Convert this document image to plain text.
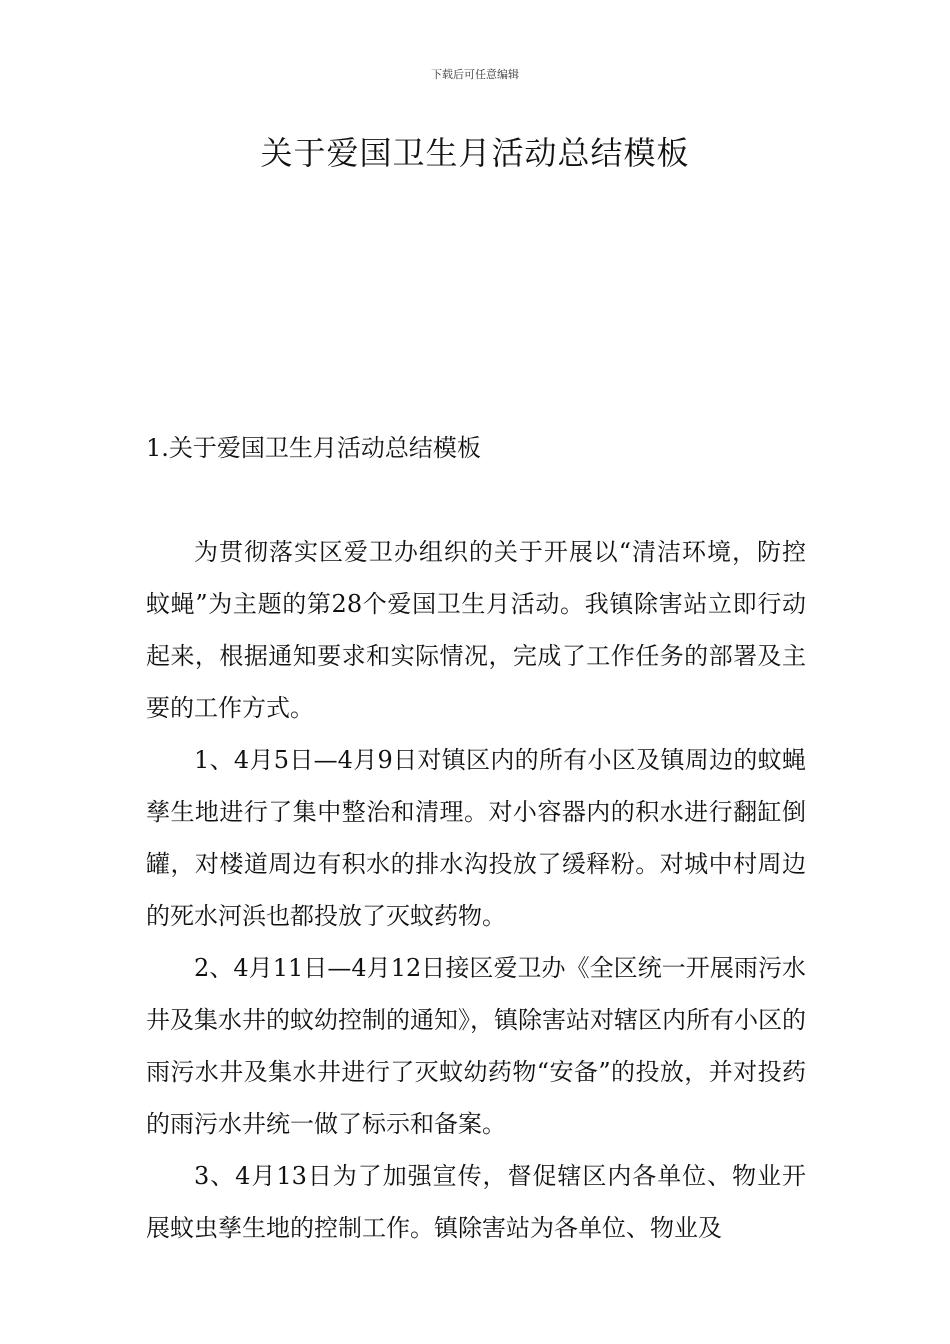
下载后可任意编辑
关于爱国卫生月活动总结模板
1.关于爱国卫生月活动总结模板

为贯彻落实区爱卫办组织的关于开展以“清洁环境，防控蚊蝇”为主题的第28个爱国卫生月活动。我镇除害站立即行动起来，根据通知要求和实际情况，完成了工作任务的部署及主要的工作方式。

1、4月5日—4月9日对镇区内的所有小区及镇周边的蚊蝇孳生地进行了集中整治和清理。对小容器内的积水进行翻缸倒罐，对楼道周边有积水的排水沟投放了缓释粉。对城中村周边的死水河浜也都投放了灭蚊药物。

2、4月11日—4月12日接区爱卫办《全区统一开展雨污水井及集水井的蚊幼控制的通知》，镇除害站对辖区内所有小区的雨污水井及集水井进行了灭蚊幼药物“安备”的投放，并对投药的雨污水井统一做了标示和备案。

3、4月13日为了加强宣传，督促辖区内各单位、物业开展蚊虫孳生地的控制工作。镇除害站为各单位、物业及
